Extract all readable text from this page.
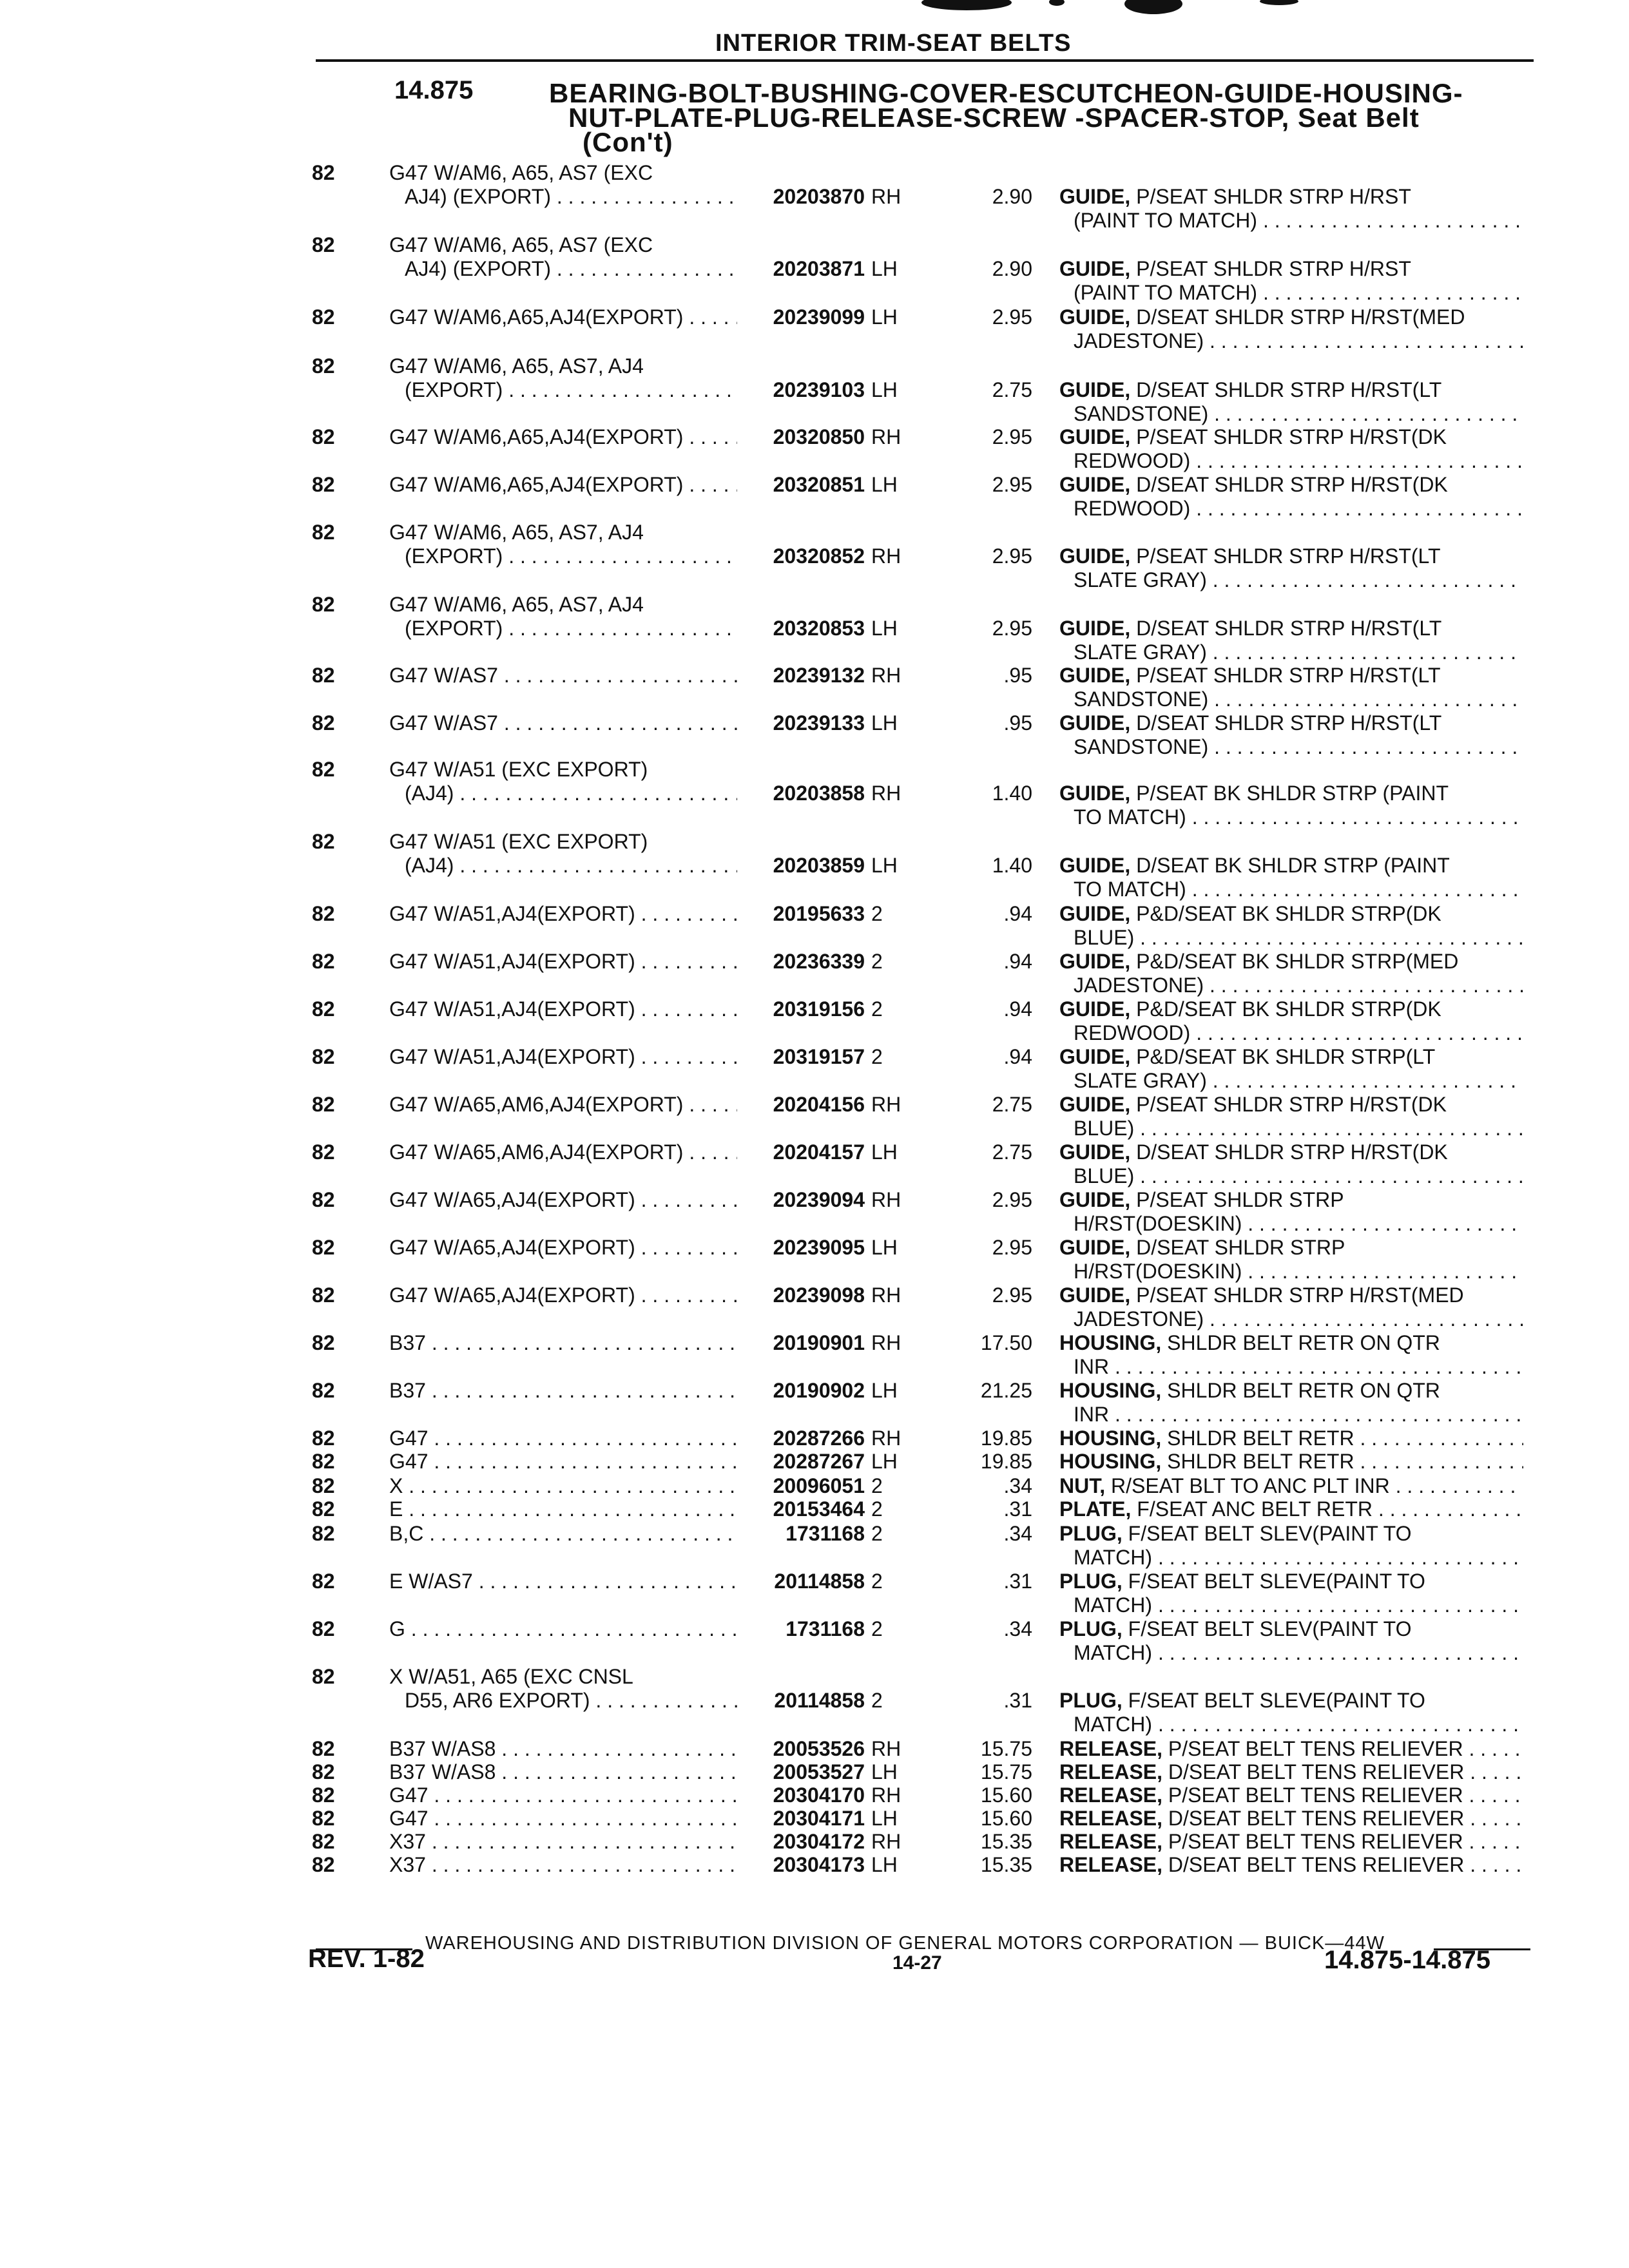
INTERIOR TRIM-SEAT BELTS
14.875	BEARING-BOLT-BUSHING-COVER-ESCUTCHEON-GUIDE-HOUSING-
NUT-PLATE-PLUG-RELEASE-SCREW -SPACER-STOP, Seat Belt
(Con't)
82	G47 W/AM6, A65, AS7 (EXC
AJ4) (EXPORT) . . .	20203870 RH	2.90 GUIDE, P/SEAT SHLDR STRP H/RST
(PAINT TO MATCH) . . .
82	G47 W/AM6, A65, AS7 (EXC
AJ4) (EXPORT) . . .	20203871 LH	2.90 GUIDE, P/SEAT SHLDR STRP H/RST
(PAINT TO MATCH) . . .
82	G47 W/AM6,A65,AJ4(EXPORT) . . .	20239099 LH	2.95 GUIDE, D/SEAT SHLDR STRP H/RST(MED
JADESTONE) . . .
82	G47 W/AM6, A65, AS7, AJ4
(EXPORT) . . .	20239103 LH	2.75 GUIDE, D/SEAT SHLDR STRP H/RST(LT
SANDSTONE) . . .
82	G47 W/AM6,A65,AJ4(EXPORT) . . .	20320850 RH	2.95 GUIDE, P/SEAT SHLDR STRP H/RST(DK
REDWOOD) . . .
82	G47 W/AM6,A65,AJ4(EXPORT) . . .	20320851 LH	2.95 GUIDE, D/SEAT SHLDR STRP H/RST(DK
REDWOOD) . . .
82	G47 W/AM6, A65, AS7, AJ4
(EXPORT) . . .	20320852 RH	2.95 GUIDE, P/SEAT SHLDR STRP H/RST(LT
SLATE GRAY) . . .
82	G47 W/AM6, A65, AS7, AJ4
(EXPORT) . . .	20320853 LH	2.95 GUIDE, D/SEAT SHLDR STRP H/RST(LT
SLATE GRAY) . . .
82	G47 W/AS7 . . .	20239132 RH	.95 GUIDE, P/SEAT SHLDR STRP H/RST(LT
SANDSTONE) . . .
82	G47 W/AS7 . . .	20239133 LH	.95 GUIDE, D/SEAT SHLDR STRP H/RST(LT
SANDSTONE) . . .
82	G47 W/A51 (EXC EXPORT)
(AJ4) . . .	20203858 RH	1.40 GUIDE, P/SEAT BK SHLDR STRP (PAINT
TO MATCH) . . .
82	G47 W/A51 (EXC EXPORT)
(AJ4) . . .	20203859 LH	1.40 GUIDE, D/SEAT BK SHLDR STRP (PAINT
TO MATCH) . . .
82	G47 W/A51,AJ4(EXPORT) . . .	20195633 2	.94 GUIDE, P&D/SEAT BK SHLDR STRP(DK
BLUE) . . .
82	G47 W/A51,AJ4(EXPORT) . . .	20236339 2	.94 GUIDE, P&D/SEAT BK SHLDR STRP(MED
JADESTONE) . . .
82	G47 W/A51,AJ4(EXPORT) . . .	20319156 2	.94 GUIDE, P&D/SEAT BK SHLDR STRP(DK
REDWOOD) . . .
82	G47 W/A51,AJ4(EXPORT) . . .	20319157 2	.94 GUIDE, P&D/SEAT BK SHLDR STRP(LT
SLATE GRAY) . . .
82	G47 W/A65,AM6,AJ4(EXPORT) . . .	20204156 RH	2.75 GUIDE, P/SEAT SHLDR STRP H/RST(DK
BLUE) . . .
82	G47 W/A65,AM6,AJ4(EXPORT) . . .	20204157 LH	2.75 GUIDE, D/SEAT SHLDR STRP H/RST(DK
BLUE) . . .
82	G47 W/A65,AJ4(EXPORT) . . .	20239094 RH	2.95 GUIDE, P/SEAT SHLDR STRP
H/RST(DOESKIN) . . .
82	G47 W/A65,AJ4(EXPORT) . . .	20239095 LH	2.95 GUIDE, D/SEAT SHLDR STRP
H/RST(DOESKIN) . . .
82	G47 W/A65,AJ4(EXPORT) . . .	20239098 RH	2.95 GUIDE, P/SEAT SHLDR STRP H/RST(MED
JADESTONE) . . .
82	B37 . . .	20190901 RH	17.50 HOUSING, SHLDR BELT RETR ON QTR
INR . . .
82	B37 . . .	20190902 LH	21.25 HOUSING, SHLDR BELT RETR ON QTR
INR . . .
82	G47 . . .	20287266 RH	19.85 HOUSING, SHLDR BELT RETR . . .
82	G47 . . .	20287267 LH	19.85 HOUSING, SHLDR BELT RETR . . .
82	X . . .	20096051 2	.34 NUT, R/SEAT BLT TO ANC PLT INR . . .
82	E . . .	20153464 2	.31 PLATE, F/SEAT ANC BELT RETR . . .
82	B,C . . .	1731168 2	.34 PLUG, F/SEAT BELT SLEV(PAINT TO
MATCH) . . .
82	E W/AS7 . . .	20114858 2	.31 PLUG, F/SEAT BELT SLEVE(PAINT TO
MATCH) . . .
82	G . . .	1731168 2	.34 PLUG, F/SEAT BELT SLEV(PAINT TO
MATCH) . . .
82	X W/A51, A65 (EXC CNSL
D55, AR6 EXPORT) . . .	20114858 2	.31 PLUG, F/SEAT BELT SLEVE(PAINT TO
MATCH) . . .
82	B37 W/AS8 . . .	20053526 RH	15.75 RELEASE, P/SEAT BELT TENS RELIEVER . . .
82	B37 W/AS8 . . .	20053527 LH	15.75 RELEASE, D/SEAT BELT TENS RELIEVER . . .
82	G47 . . .	20304170 RH	15.60 RELEASE, P/SEAT BELT TENS RELIEVER . . .
82	G47 . . .	20304171 LH	15.60 RELEASE, D/SEAT BELT TENS RELIEVER . . .
82	X37 . . .	20304172 RH	15.35 RELEASE, P/SEAT BELT TENS RELIEVER . . .
82	X37 . . .	20304173 LH	15.35 RELEASE, D/SEAT BELT TENS RELIEVER . . .
WAREHOUSING AND DISTRIBUTION DIVISION OF GENERAL MOTORS CORPORATION — BUICK—44W
REV. 1-82	14-27	14.875-14.875
